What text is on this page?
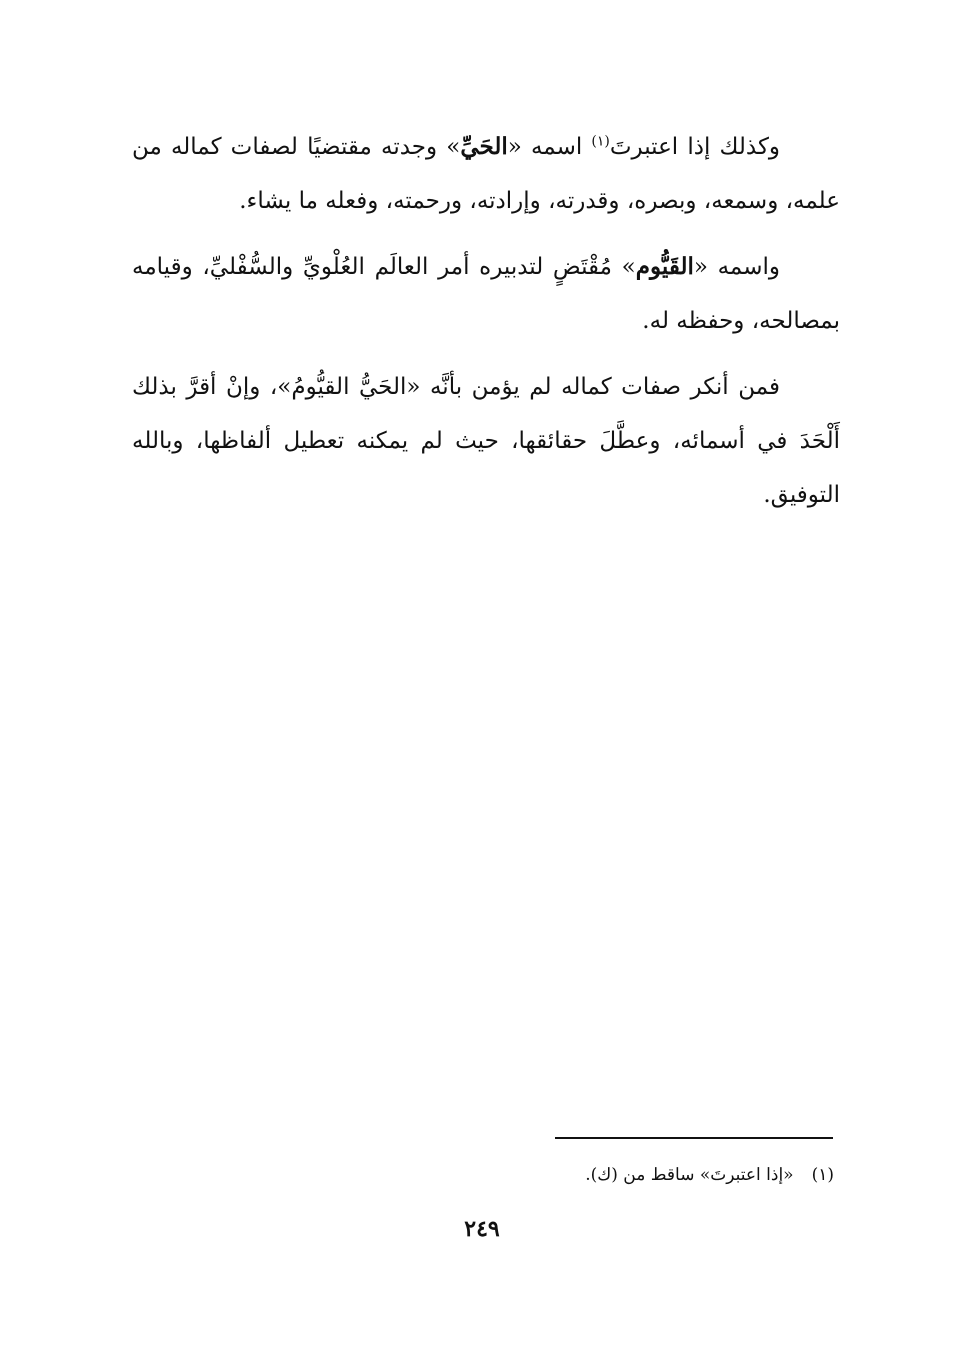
وكذلك إذا اعتبرتَ$^{(١)}$ اسمه «الحَيِّ» وجدته مقتضيًا لصفات كماله من علمه، وسمعه، وبصره، وقدرته، وإرادته، ورحمته، وفعله ما يشاء.

واسمه «القَيُّوم» مُقْتَضٍ لتدبيره أمر العالَم العُلْويِّ والسُّفْليِّ، وقيامه بمصالحه، وحفظه له.

فمن أنكر صفات كماله لم يؤمن بأنَّه «الحَيُّ القيُّومُ»، وإنْ أقرَّ بذلك أَلْحَدَ في أسمائه، وعطَّلَ حقائقها، حيث لم يمكنه تعطيل ألفاظها، وبالله التوفيق.

(١)«إذا اعتبرتَ» ساقط من (ك).
٢٤٩
